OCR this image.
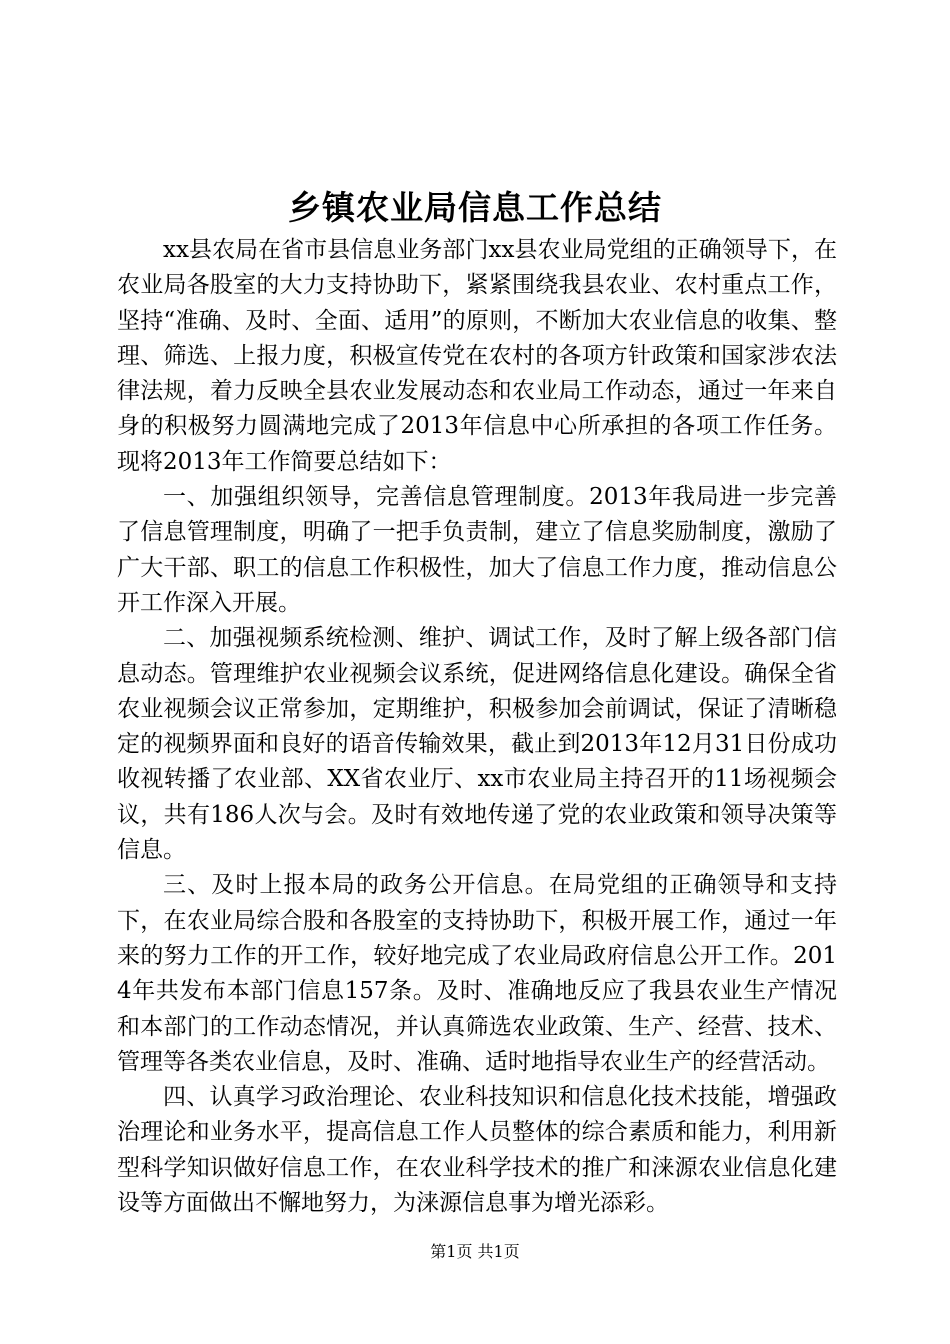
乡镇农业局信息工作总结

xx县农局在省市县信息业务部门xx县农业局党组的正确领导下，在农业局各股室的大力支持协助下，紧紧围绕我县农业、农村重点工作，坚持“准确、及时、全面、适用”的原则，不断加大农业信息的收集、整理、筛选、上报力度，积极宣传党在农村的各项方针政策和国家涉农法律法规，着力反映全县农业发展动态和农业局工作动态，通过一年来自身的积极努力圆满地完成了2013年信息中心所承担的各项工作任务。现将2013年工作简要总结如下：

一、加强组织领导，完善信息管理制度。2013年我局进一步完善了信息管理制度，明确了一把手负责制，建立了信息奖励制度，激励了广大干部、职工的信息工作积极性，加大了信息工作力度，推动信息公开工作深入开展。

二、加强视频系统检测、维护、调试工作，及时了解上级各部门信息动态。管理维护农业视频会议系统，促进网络信息化建设。确保全省农业视频会议正常参加，定期维护，积极参加会前调试，保证了清晰稳定的视频界面和良好的语音传输效果，截止到2013年12月31日份成功收视转播了农业部、XX省农业厅、xx市农业局主持召开的11场视频会议，共有186人次与会。及时有效地传递了党的农业政策和领导决策等信息。

三、及时上报本局的政务公开信息。在局党组的正确领导和支持下，在农业局综合股和各股室的支持协助下，积极开展工作，通过一年来的努力工作的开工作，较好地完成了农业局政府信息公开工作。2014年共发布本部门信息157条。及时、准确地反应了我县农业生产情况和本部门的工作动态情况，并认真筛选农业政策、生产、经营、技术、管理等各类农业信息，及时、准确、适时地指导农业生产的经营活动。

四、认真学习政治理论、农业科技知识和信息化技术技能，增强政治理论和业务水平，提高信息工作人员整体的综合素质和能力，利用新型科学知识做好信息工作，在农业科学技术的推广和涞源农业信息化建设等方面做出不懈地努力，为涞源信息事为增光添彩。

第1页 共1页
